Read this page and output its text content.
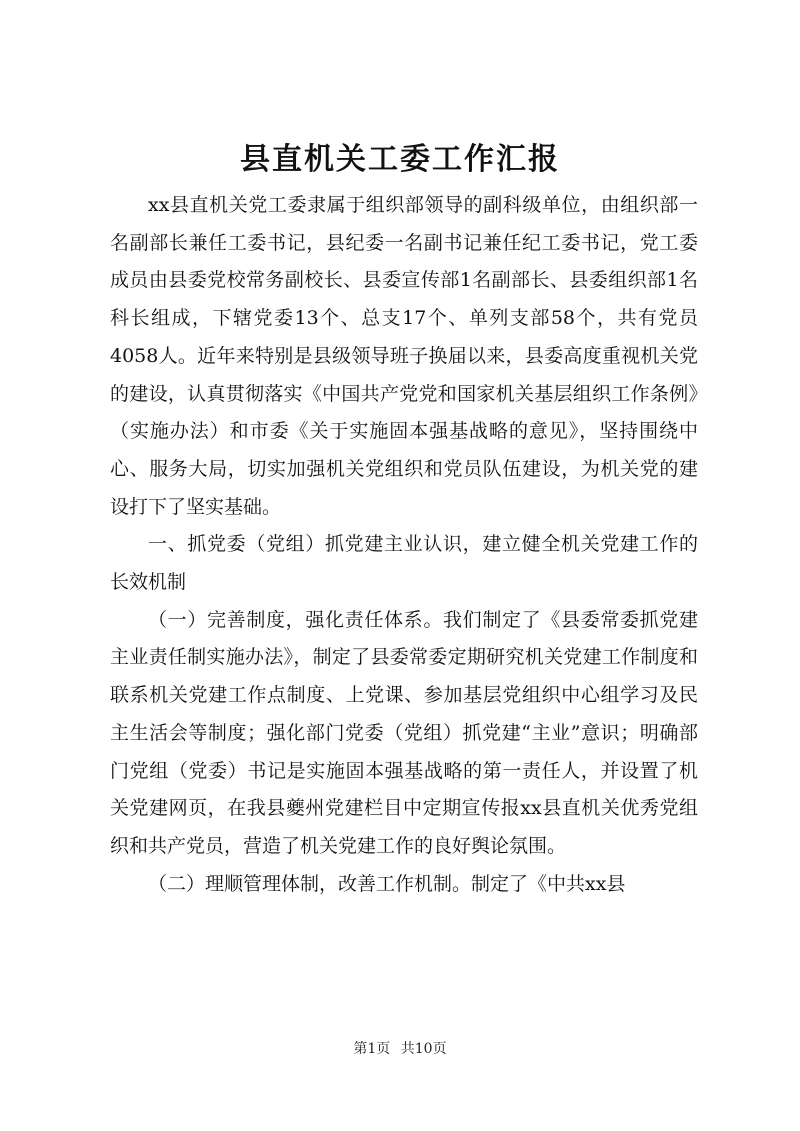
县直机关工委工作汇报

xx县直机关党工委隶属于组织部领导的副科级单位，由组织部一名副部长兼任工委书记，县纪委一名副书记兼任纪工委书记，党工委成员由县委党校常务副校长、县委宣传部1名副部长、县委组织部1名科长组成，下辖党委13个、总支17个、单列支部58个，共有党员4058人。近年来特别是县级领导班子换届以来，县委高度重视机关党的建设，认真贯彻落实《中国共产党党和国家机关基层组织工作条例》（实施办法）和市委《关于实施固本强基战略的意见》，坚持围绕中心、服务大局，切实加强机关党组织和党员队伍建设，为机关党的建设打下了坚实基础。

一、抓党委（党组）抓党建主业认识，建立健全机关党建工作的长效机制

（一）完善制度，强化责任体系。我们制定了《县委常委抓党建主业责任制实施办法》，制定了县委常委定期研究机关党建工作制度和联系机关党建工作点制度、上党课、参加基层党组织中心组学习及民主生活会等制度；强化部门党委（党组）抓党建“主业”意识；明确部门党组（党委）书记是实施固本强基战略的第一责任人，并设置了机关党建网页，在我县夔州党建栏目中定期宣传报xx县直机关优秀党组织和共产党员，营造了机关党建工作的良好舆论氛围。

（二）理顺管理体制，改善工作机制。制定了《中共xx县

第1页 共10页
